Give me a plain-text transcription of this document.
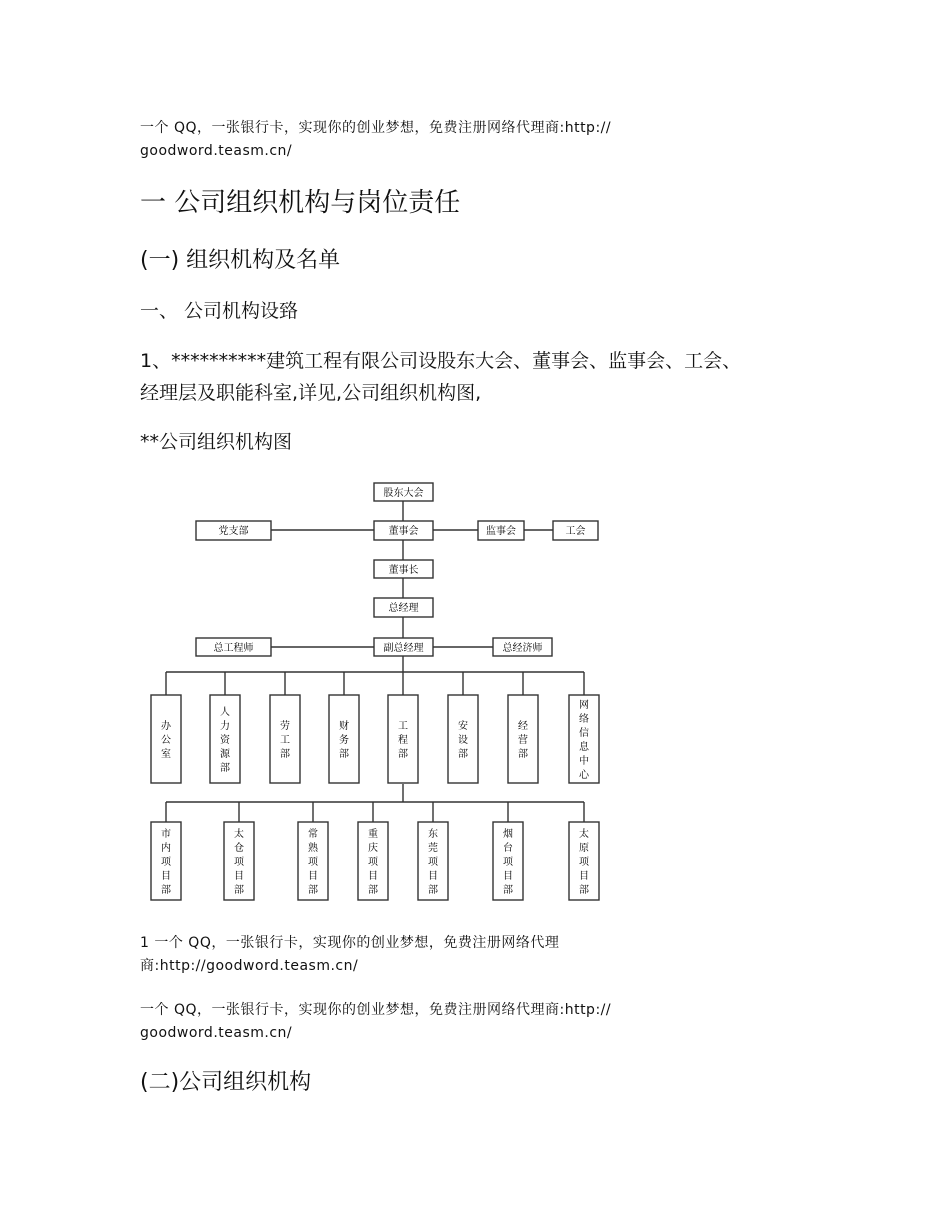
一个 QQ，一张银行卡，实现你的创业梦想，免费注册网络代理商:http://
goodword.teasm.cn/
一 公司组织机构与岗位责任
(一) 组织机构及名单
一、 公司机构设臵
1、**********建筑工程有限公司设股东大会、董事会、监事会、工会、
经理层及职能科室,详见,公司组织机构图,
**公司组织机构图
股东大会
党支部	董事会	监事会	工会
董事长
总经理
总工程师	副总经理	总经济师
办
公
室
人
力
资
源
部
劳
工
部
财
务
部
工
程
部
安
设
部
经
营
部
网
络
信
息
中
心
市
内
项
目
部
太
仓
项
目
部
常
熟
项
目
部
重
庆
项
目
部
东
莞
项
目
部
烟
台
项
目
部
太
原
项
目
部
1 一个 QQ，一张银行卡，实现你的创业梦想，免费注册网络代理
商:http://goodword.teasm.cn/
一个 QQ，一张银行卡，实现你的创业梦想，免费注册网络代理商:http://
goodword.teasm.cn/
(二)公司组织机构
